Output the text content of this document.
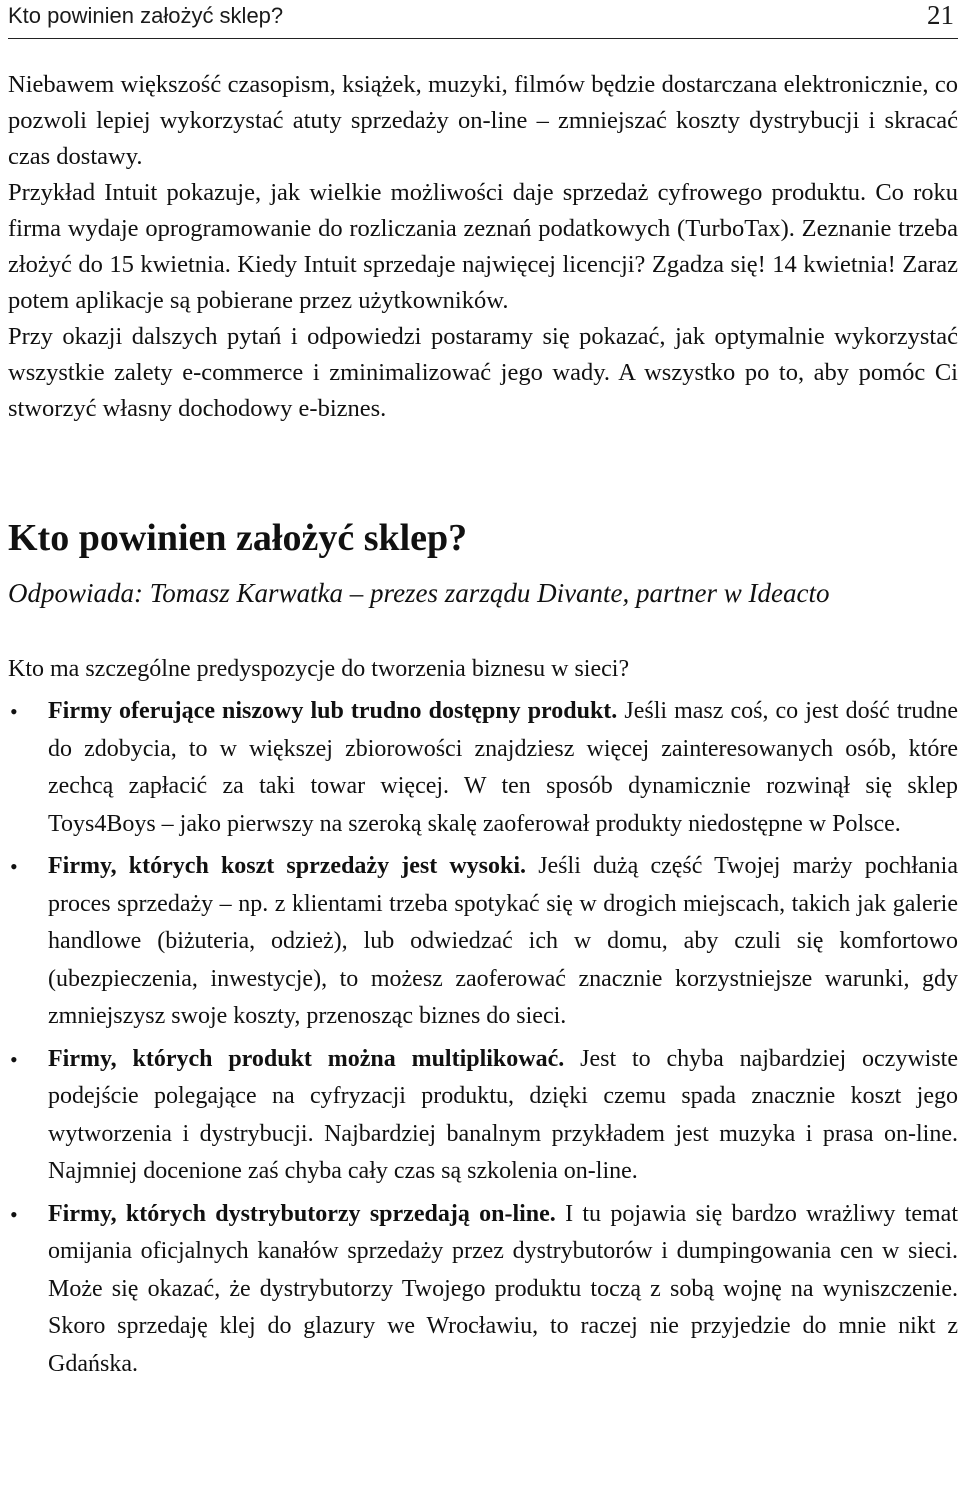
Kto powinien założyć sklep?	21

Niebawem większość czasopism, książek, muzyki, filmów będzie dostarczana elektronicznie, co pozwoli lepiej wykorzystać atuty sprzedaży on-line – zmniejszać koszty dystrybucji i skracać czas dostawy.

Przykład Intuit pokazuje, jak wielkie możliwości daje sprzedaż cyfrowego produktu. Co roku firma wydaje oprogramowanie do rozliczania zeznań podatkowych (TurboTax). Zeznanie trzeba złożyć do 15 kwietnia. Kiedy Intuit sprzedaje najwięcej licencji? Zgadza się! 14 kwietnia! Zaraz potem aplikacje są pobierane przez użytkowników.

Przy okazji dalszych pytań i odpowiedzi postaramy się pokazać, jak optymalnie wykorzystać wszystkie zalety e-commerce i zminimalizować jego wady. A wszystko po to, aby pomóc Ci stworzyć własny dochodowy e-biznes.

Kto powinien założyć sklep?
Odpowiada: Tomasz Karwatka – prezes zarządu Divante, partner w Ideacto
Kto ma szczególne predyspozycje do tworzenia biznesu w sieci?
• Firmy oferujące niszowy lub trudno dostępny produkt. Jeśli masz coś, co jest dość trudne do zdobycia, to w większej zbiorowości znajdziesz więcej zainteresowanych osób, które zechcą zapłacić za taki towar więcej. W ten sposób dynamicznie rozwinął się sklep Toys4Boys – jako pierwszy na szeroką skalę zaoferował produkty niedostępne w Polsce.
• Firmy, których koszt sprzedaży jest wysoki. Jeśli dużą część Twojej marży pochłania proces sprzedaży – np. z klientami trzeba spotykać się w drogich miejscach, takich jak galerie handlowe (biżuteria, odzież), lub odwiedzać ich w domu, aby czuli się komfortowo (ubezpieczenia, inwestycje), to możesz zaoferować znacznie korzystniejsze warunki, gdy zmniejszysz swoje koszty, przenosząc biznes do sieci.
• Firmy, których produkt można multiplikować. Jest to chyba najbardziej oczywiste podejście polegające na cyfryzacji produktu, dzięki czemu spada znacznie koszt jego wytworzenia i dystrybucji. Najbardziej banalnym przykładem jest muzyka i prasa on-line. Najmniej docenione zaś chyba cały czas są szkolenia on-line.
• Firmy, których dystrybutorzy sprzedają on-line. I tu pojawia się bardzo wrażliwy temat omijania oficjalnych kanałów sprzedaży przez dystrybutorów i dumpingowania cen w sieci. Może się okazać, że dystrybutorzy Twojego produktu toczą z sobą wojnę na wyniszczenie. Skoro sprzedaję klej do glazury we Wrocławiu, to raczej nie przyjedzie do mnie nikt z Gdańska.
